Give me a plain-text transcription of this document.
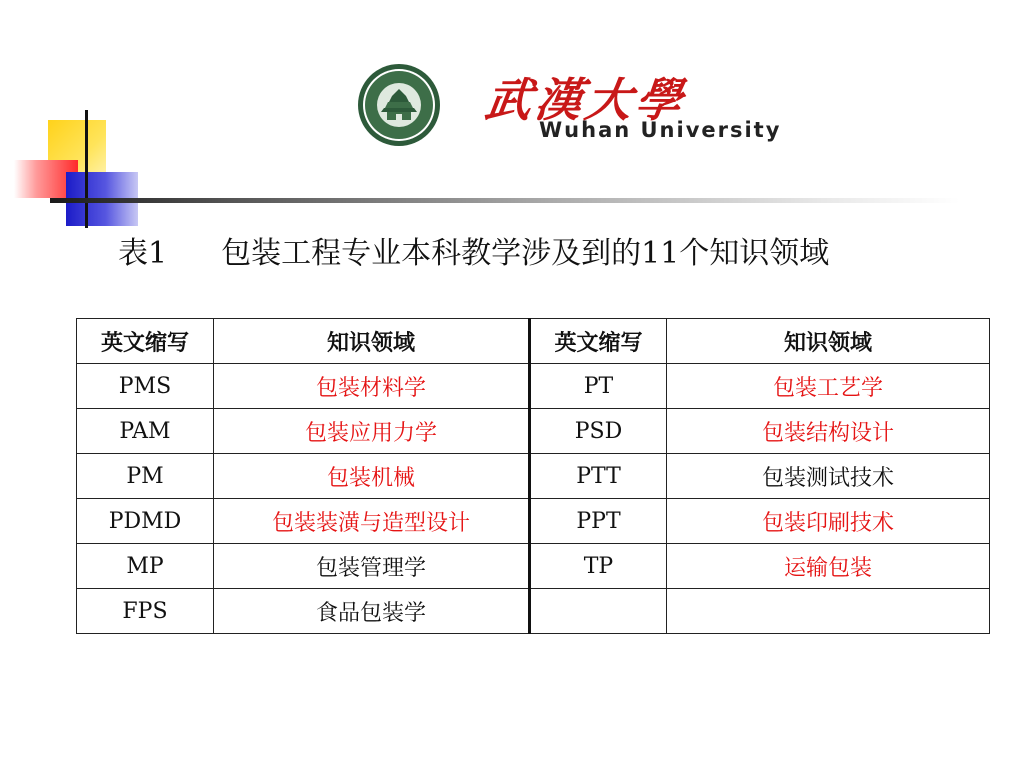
武漢大學
Wuhan University
表1 包装工程专业本科教学涉及到的11个知识领域
英文缩写	知识领域	英文缩写	知识领域
PMS	包装材料学	PT	包装工艺学
PAM	包装应用力学	PSD	包装结构设计
PM	包装机械	PTT	包装测试技术
PDMD	包装装潢与造型设计	PPT	包装印刷技术
MP	包装管理学	TP	运输包装
FPS	食品包装学		
